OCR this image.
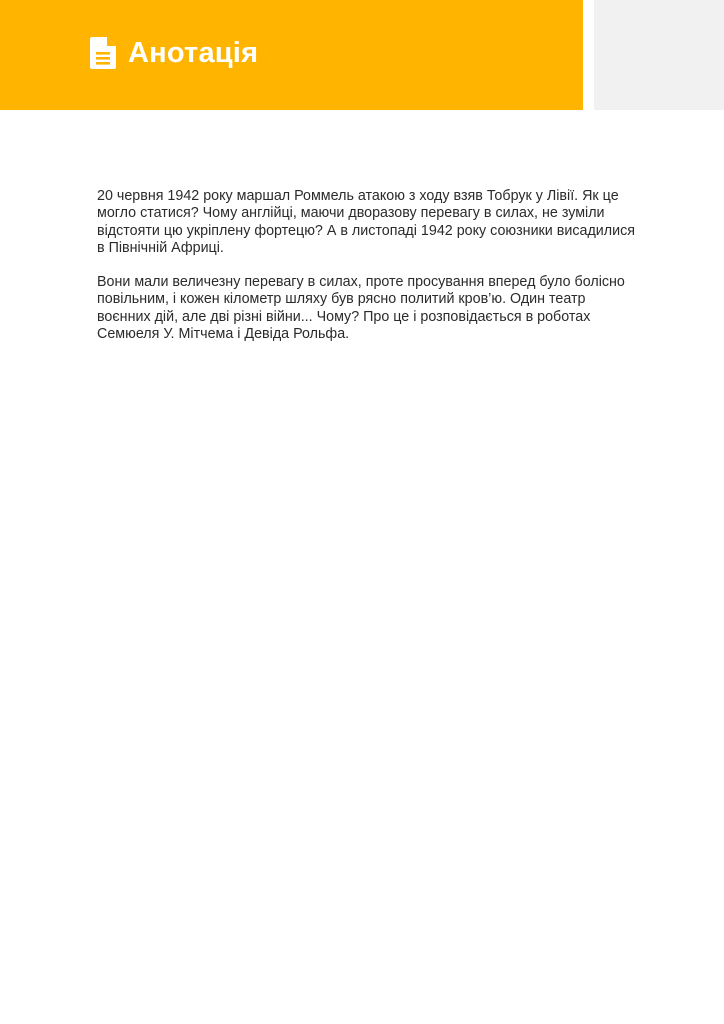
Анотація

20 червня 1942 року маршал Роммель атакою з ходу взяв Тобрук у Лівії. Як це могло статися? Чому англійці, маючи дворазову перевагу в силах, не зуміли відстояти цю укріплену фортецю? А в листопаді 1942 року союзники висадилися в Північній Африці.

Вони мали величезну перевагу в силах, проте просування вперед було болісно повільним, і кожен кілометр шляху був рясно политий кров’ю. Один театр воєнних дій, але дві різні війни... Чому? Про це і розповідається в роботах Семюеля У. Мітчема і Девіда Рольфа.
